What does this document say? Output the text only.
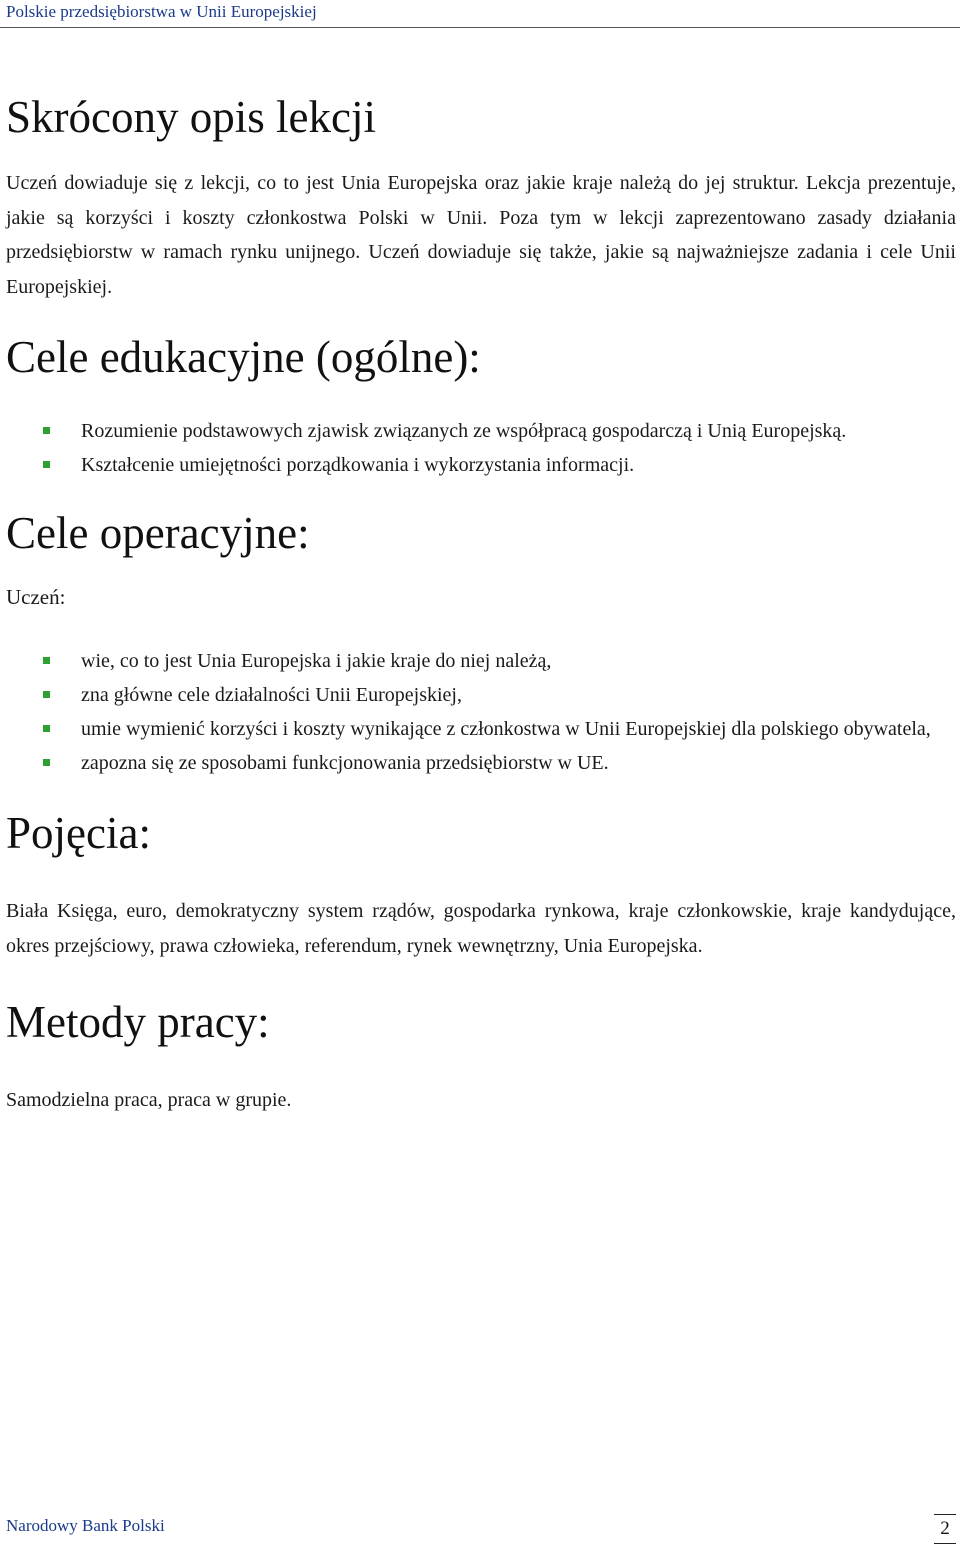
Polskie przedsiębiorstwa w Unii Europejskiej
Skrócony opis lekcji

Uczeń dowiaduje się z lekcji, co to jest Unia Europejska oraz jakie kraje należą do jej struktur. Lekcja prezentuje, jakie są korzyści i koszty członkostwa Polski w Unii. Poza tym w lekcji zaprezentowano zasady działania przedsiębiorstw w ramach rynku unijnego. Uczeń dowiaduje się także, jakie są najważniejsze zadania i cele Unii Europejskiej.

Cele edukacyjne (ogólne):
Rozumienie podstawowych zjawisk związanych ze współpracą gospodarczą i Unią Europejską.
Kształcenie umiejętności porządkowania i wykorzystania informacji.
Cele operacyjne:
Uczeń:
wie, co to jest Unia Europejska i jakie kraje do niej należą,
zna główne cele działalności Unii Europejskiej,
umie wymienić korzyści i koszty wynikające z członkostwa w Unii Europejskiej dla polskiego obywatela,
zapozna się ze sposobami funkcjonowania przedsiębiorstw w UE.
Pojęcia:

Biała Księga, euro, demokratyczny system rządów, gospodarka rynkowa, kraje członkowskie, kraje kandydujące, okres przejściowy, prawa człowieka, referendum, rynek wewnętrzny, Unia Europejska.

Metody pracy:

Samodzielna praca, praca w grupie.

Narodowy Bank Polski	2
